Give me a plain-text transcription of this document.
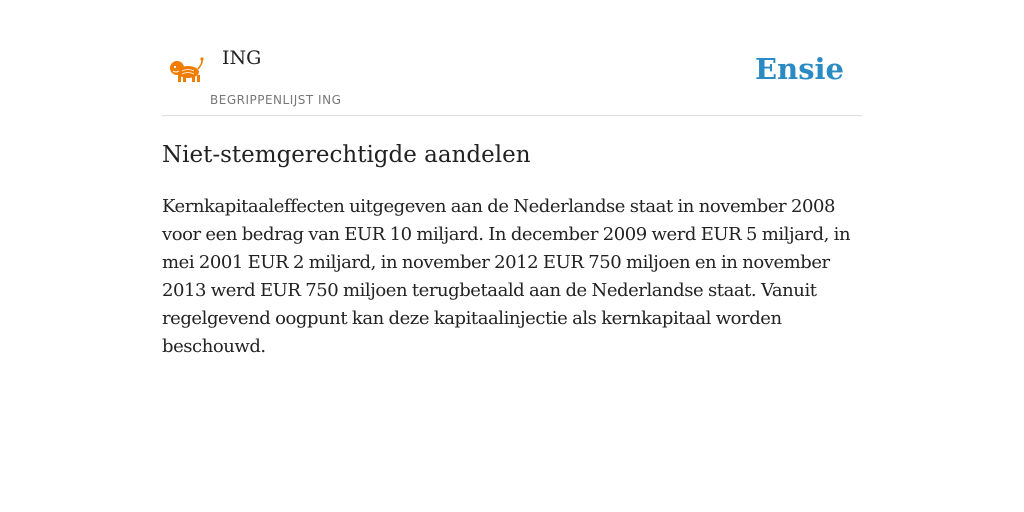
ING
BEGRIPPENLIJST ING
Ensie
Niet-stemgerechtigde aandelen

Kernkapitaaleffecten uitgegeven aan de Nederlandse staat in november 2008 voor een bedrag van EUR 10 miljard. In december 2009 werd EUR 5 miljard, in mei 2001 EUR 2 miljard, in november 2012 EUR 750 miljoen en in november 2013 werd EUR 750 miljoen terugbetaald aan de Nederlandse staat. Vanuit regelgevend oogpunt kan deze kapitaalinjectie als kernkapitaal worden beschouwd.
